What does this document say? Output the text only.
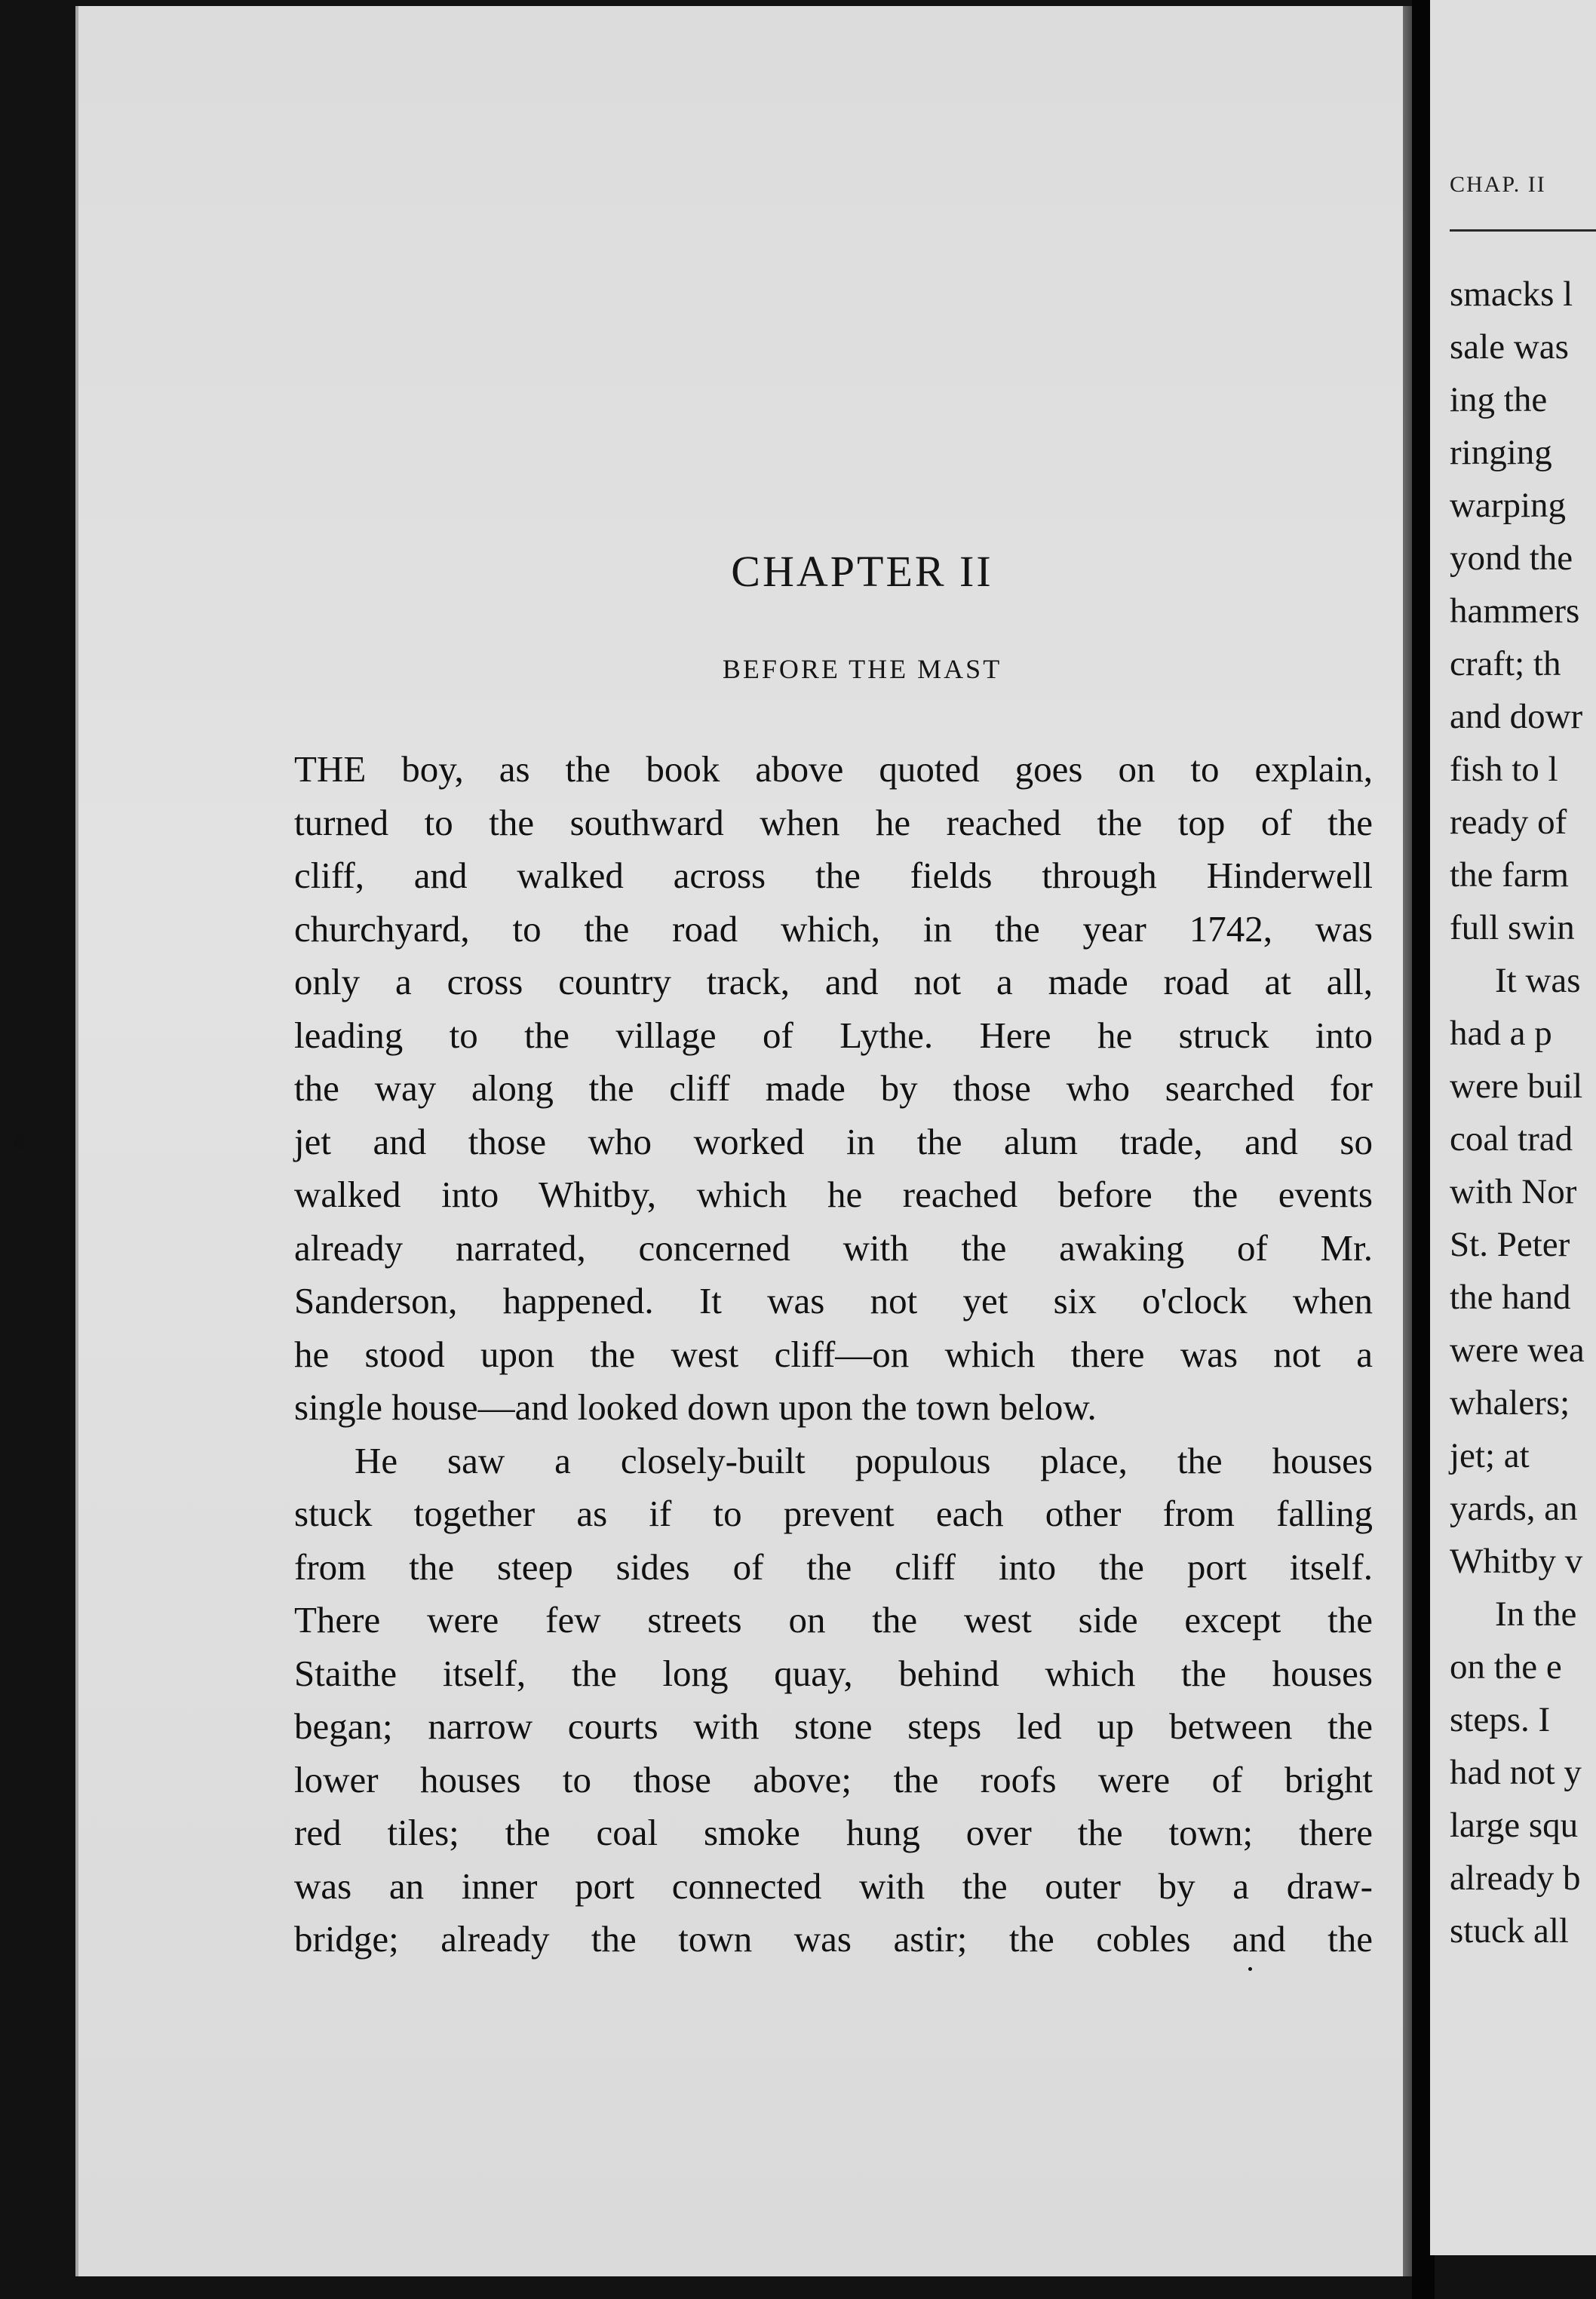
CHAP. II
smacks l
sale was
ing the
ringing
warping
yond the
hammers
craft; th
and dowr
fish to l
ready of
the farm
full swin
It was
had a p
were buil
coal trad
with Nor
St. Peter
the hand
were wea
whalers;
jet; at
yards, an
Whitby v
In the
on the e
steps. I
had not y
large squ
already b
stuck all
CHAPTER II
BEFORE THE MAST
THE boy, as the book above quoted goes on to explain,
turned to the southward when he reached the top of the
cliff, and walked across the fields through Hinderwell
churchyard, to the road which, in the year 1742, was
only a cross country track, and not a made road at all,
leading to the village of Lythe. Here he struck into
the way along the cliff made by those who searched for
jet and those who worked in the alum trade, and so
walked into Whitby, which he reached before the events
already narrated, concerned with the awaking of Mr.
Sanderson, happened. It was not yet six o'clock when
he stood upon the west cliff—on which there was not a
single house—and looked down upon the town below.
He saw a closely-built populous place, the houses
stuck together as if to prevent each other from falling
from the steep sides of the cliff into the port itself.
There were few streets on the west side except the
Staithe itself, the long quay, behind which the houses
began; narrow courts with stone steps led up between the
lower houses to those above; the roofs were of bright
red tiles; the coal smoke hung over the town; there
was an inner port connected with the outer by a draw-
bridge; already the town was astir; the cobles and the
